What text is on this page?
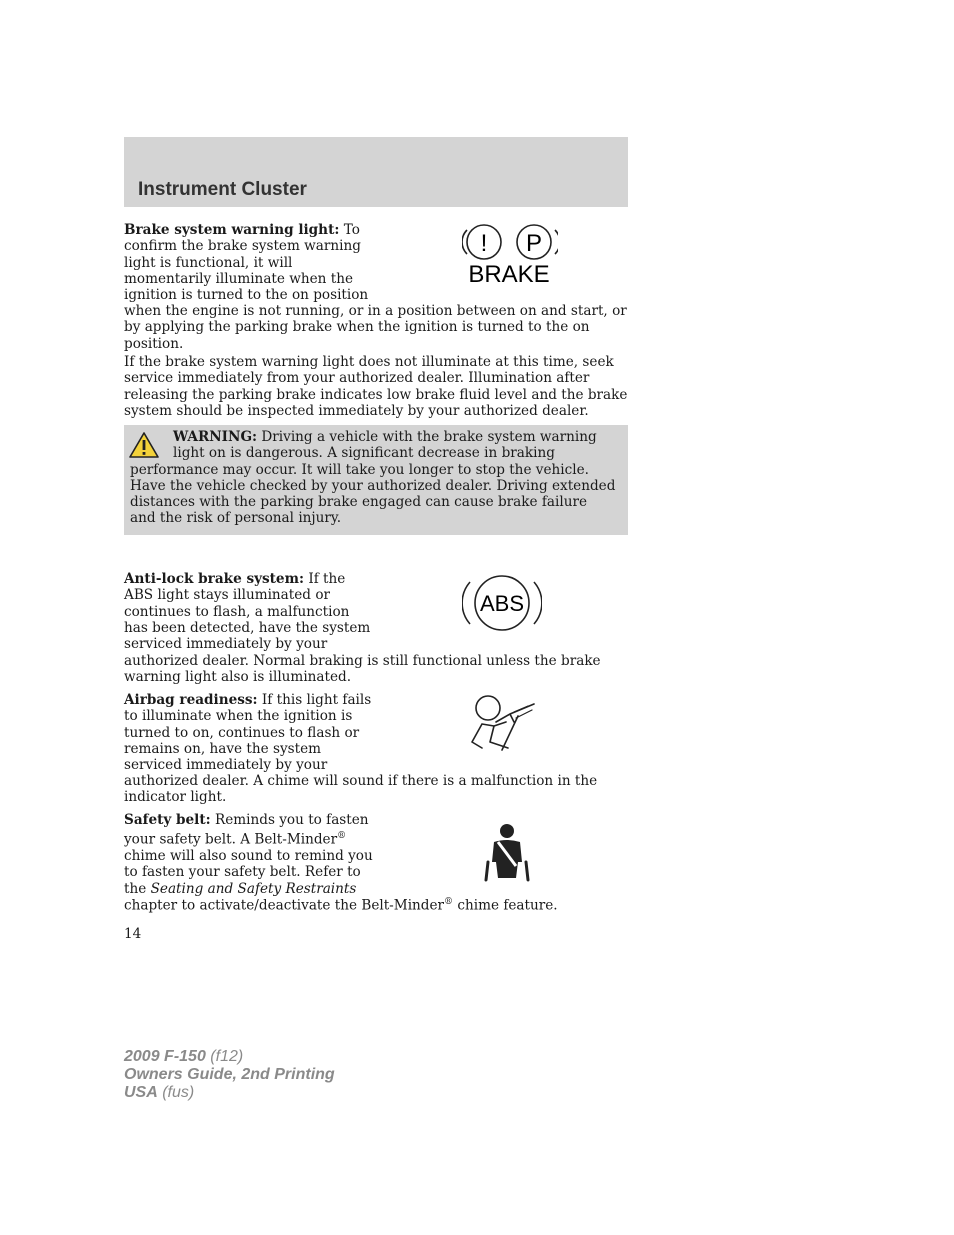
Instrument Cluster

Brake system warning light: To confirm the brake system warning light is functional, it will momentarily illuminate when the ignition is turned to the on position

when the engine is not running, or in a position between on and start, or by applying the parking brake when the ignition is turned to the on position.

! P
BRAKE

If the brake system warning light does not illuminate at this time, seek service immediately from your authorized dealer. Illumination after releasing the parking brake indicates low brake fluid level and the brake system should be inspected immediately by your authorized dealer.

WARNING: Driving a vehicle with the brake system warning light on is dangerous. A significant decrease in braking performance may occur. It will take you longer to stop the vehicle. Have the vehicle checked by your authorized dealer. Driving extended distances with the parking brake engaged can cause brake failure and the risk of personal injury.

Anti-lock brake system: If the ABS light stays illuminated or continues to flash, a malfunction has been detected, have the system serviced immediately by your

authorized dealer. Normal braking is still functional unless the brake warning light also is illuminated.

ABS

Airbag readiness: If this light fails to illuminate when the ignition is turned to on, continues to flash or remains on, have the system serviced immediately by your

authorized dealer. A chime will sound if there is a malfunction in the indicator light.

Safety belt: Reminds you to fasten your safety belt. A Belt-Minder® chime will also sound to remind you to fasten your safety belt. Refer to the Seating and Safety Restraints

chapter to activate/deactivate the Belt-Minder® chime feature.

14
2009 F-150 (f12)
Owners Guide, 2nd Printing
USA (fus)
